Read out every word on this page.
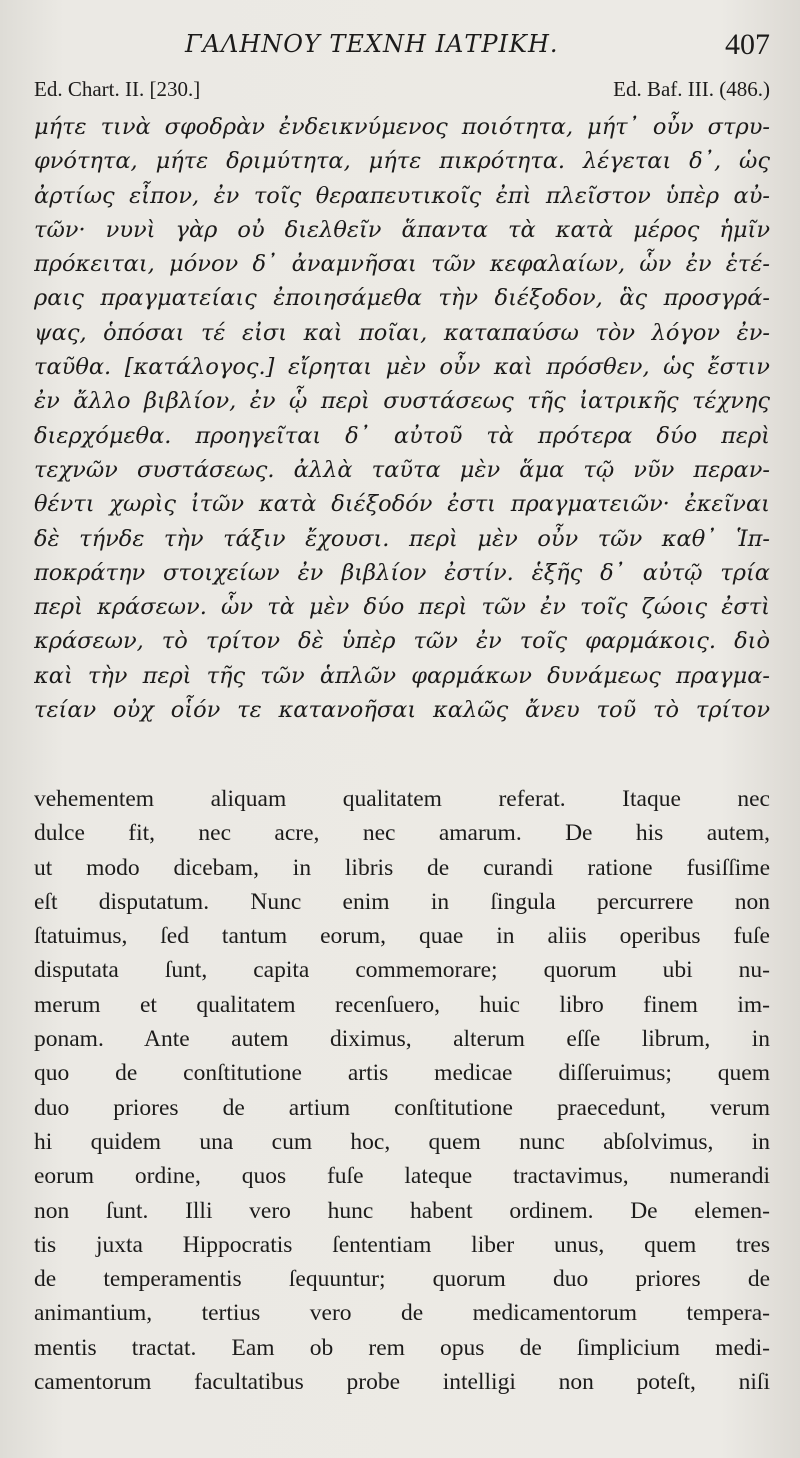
ΓΑΛΗΝΟΥ ΤΕΧΝΗ ΙΑΤΡΙΚΗ.	407
Ed. Chart. II. [230.]	Ed. Baf. III. (486.)
μήτε τινὰ σφοδρὰν ἐνδεικνύμενος ποιότητα, μήτ᾽ οὖν στρυ-
φνότητα, μήτε δριμύτητα, μήτε πικρότητα. λέγεται δ᾽, ὡς
ἀρτίως εἶπον, ἐν τοῖς θεραπευτικοῖς ἐπὶ πλεῖστον ὑπὲρ αὐ-
τῶν· νυνὶ γὰρ οὐ διελθεῖν ἅπαντα τὰ κατὰ μέρος ἡμῖν
πρόκειται, μόνον δ᾽ ἀναμνῆσαι τῶν κεφαλαίων, ὧν ἐν ἑτέ-
ραις πραγματείαις ἐποιησάμεθα τὴν διέξοδον, ἃς προσγρά-
ψας, ὁπόσαι τέ εἰσι καὶ ποῖαι, καταπαύσω τὸν λόγον ἐν-
ταῦθα. [κατάλογος.] εἴρηται μὲν οὖν καὶ πρόσθεν, ὡς ἔστιν
ἐν ἄλλο βιβλίον, ἐν ᾧ περὶ συστάσεως τῆς ἰατρικῆς τέχνης
διερχόμεθα. προηγεῖται δ᾽ αὐτοῦ τὰ πρότερα δύο περὶ
τεχνῶν συστάσεως. ἀλλὰ ταῦτα μὲν ἅμα τῷ νῦν περαν-
θέντι χωρὶς ἰτῶν κατὰ διέξοδόν ἐστι πραγματειῶν· ἐκεῖναι
δὲ τήνδε τὴν τάξιν ἔχουσι. περὶ μὲν οὖν τῶν καθ᾽ Ἱπ-
ποκράτην στοιχείων ἐν βιβλίον ἐστίν. ἑξῆς δ᾽ αὐτῷ τρία
περὶ κράσεων. ὧν τὰ μὲν δύο περὶ τῶν ἐν τοῖς ζώοις ἐστὶ
κράσεων, τὸ τρίτον δὲ ὑπὲρ τῶν ἐν τοῖς φαρμάκοις. διὸ
καὶ τὴν περὶ τῆς τῶν ἁπλῶν φαρμάκων δυνάμεως πραγμα-
τείαν οὐχ οἷόν τε κατανοῆσαι καλῶς ἄνευ τοῦ τὸ τρίτον
vehementem aliquam qualitatem referat. Itaque nec
dulce fit, nec acre, nec amarum. De his autem,
ut modo dicebam, in libris de curandi ratione fusiſſime
eſt disputatum. Nunc enim in ſingula percurrere non
ſtatuimus, ſed tantum eorum, quae in aliis operibus fuſe
disputata ſunt, capita commemorare; quorum ubi nu-
merum et qualitatem recenſuero, huic libro finem im-
ponam. Ante autem diximus, alterum eſſe librum, in
quo de conſtitutione artis medicae diſſeruimus; quem
duo priores de artium conſtitutione praecedunt, verum
hi quidem una cum hoc, quem nunc abſolvimus, in
eorum ordine, quos fuſe lateque tractavimus, numerandi
non ſunt. Illi vero hunc habent ordinem. De elemen-
tis juxta Hippocratis ſententiam liber unus, quem tres
de temperamentis ſequuntur; quorum duo priores de
animantium, tertius vero de medicamentorum tempera-
mentis tractat. Eam ob rem opus de ſimplicium medi-
camentorum facultatibus probe intelligi non poteſt, niſi
